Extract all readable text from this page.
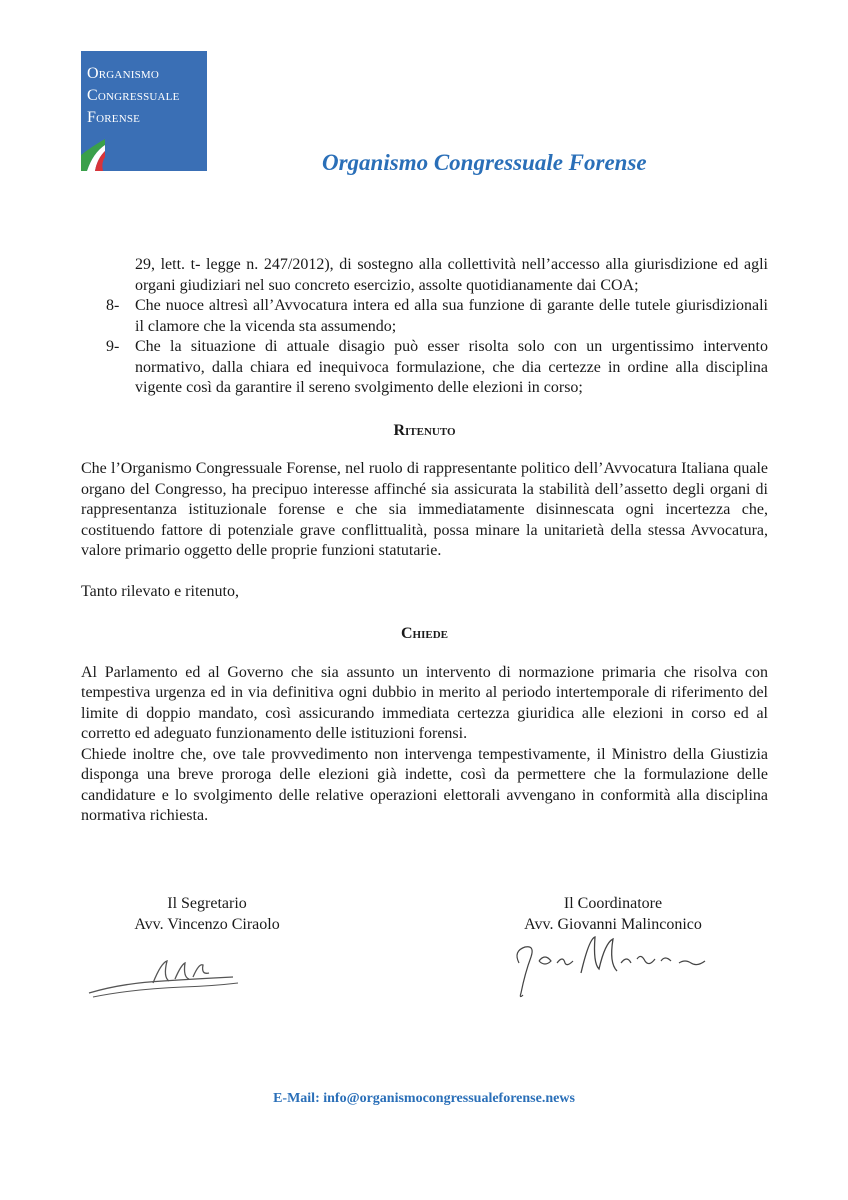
Organismo
Congressuale
Forense
Organismo Congressuale Forense
29, lett. t- legge n. 247/2012), di sostegno alla collettività nell’accesso alla giurisdizione ed agli organi giudiziari nel suo concreto esercizio, assolte quotidianamente dai COA;
8- Che nuoce altresì all’Avvocatura intera ed alla sua funzione di garante delle tutele giurisdizionali il clamore che la vicenda sta assumendo;
9- Che la situazione di attuale disagio può esser risolta solo con un urgentissimo intervento normativo, dalla chiara ed inequivoca formulazione, che dia certezze in ordine alla disciplina vigente così da garantire il sereno svolgimento delle elezioni in corso;
Ritenuto

Che l’Organismo Congressuale Forense, nel ruolo di rappresentante politico dell’Avvocatura Italiana quale organo del Congresso, ha precipuo interesse affinché sia assicurata la stabilità dell’assetto degli organi di rappresentanza istituzionale forense e che sia immediatamente disinnescata ogni incertezza che, costituendo fattore di potenziale grave conflittualità, possa minare la unitarietà della stessa Avvocatura, valore primario oggetto delle proprie funzioni statutarie.

Tanto rilevato e ritenuto,

Chiede

Al Parlamento ed al Governo che sia assunto un intervento di normazione primaria che risolva con tempestiva urgenza ed in via definitiva ogni dubbio in merito al periodo intertemporale di riferimento del limite di doppio mandato, così assicurando immediata certezza giuridica alle elezioni in corso ed al corretto ed adeguato funzionamento delle istituzioni forensi.

Chiede inoltre che, ove tale provvedimento non intervenga tempestivamente, il Ministro della Giustizia disponga una breve proroga delle elezioni già indette, così da permettere che la formulazione delle candidature e lo svolgimento delle relative operazioni elettorali avvengano in conformità alla disciplina normativa richiesta.

Il Segretario
Avv. Vincenzo Ciraolo
Il Coordinatore
Avv. Giovanni Malinconico
E-Mail: info@organismocongressualeforense.news
